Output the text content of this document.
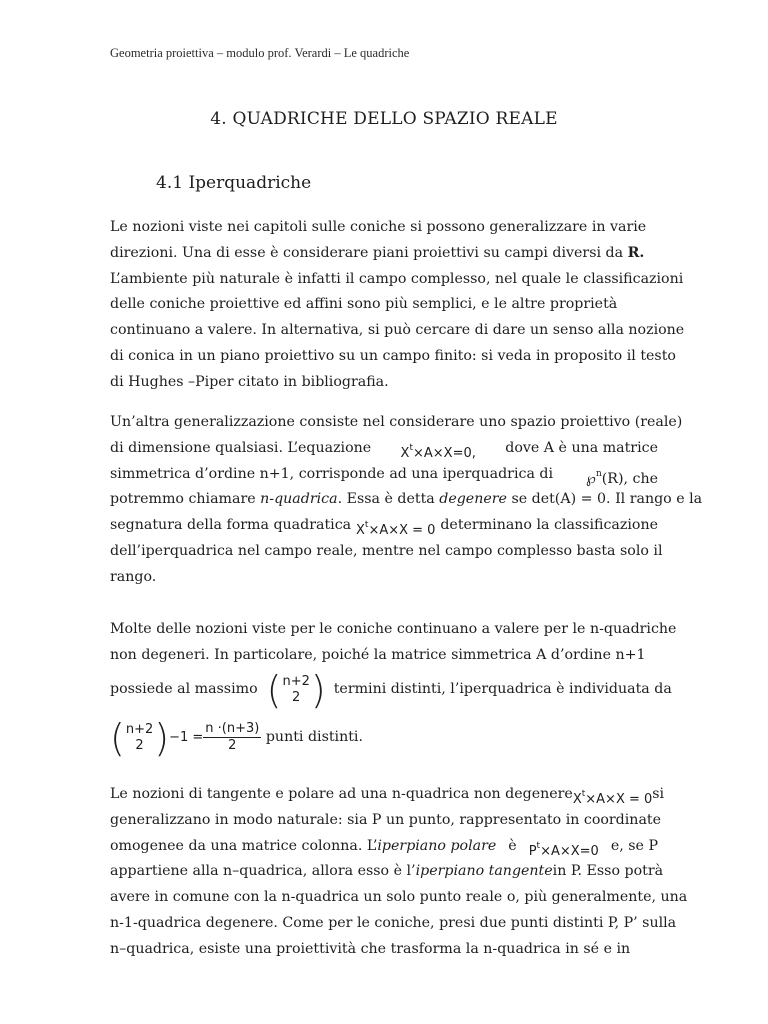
Geometria proiettiva – modulo prof. Verardi – Le quadriche
4. QUADRICHE DELLO SPAZIO REALE
4.1 Iperquadriche
Le nozioni viste nei capitoli sulle coniche si possono generalizzare in varie
direzioni. Una di esse è considerare piani proiettivi su campi diversi da R.
L’ambiente più naturale è infatti il campo complesso, nel quale le classificazioni
delle coniche proiettive ed affini sono più semplici, e le altre proprietà
continuano a valere. In alternativa, si può cercare di dare un senso alla nozione
di conica in un piano proiettivo su un campo finito: si veda in proposito il testo
di Hughes –Piper citato in bibliografia.
Un’altra generalizzazione consiste nel considerare uno spazio proiettivo (reale)
di dimensione qualsiasi. L’equazione $X^t\times A\times X=0$, dove A è una matrice
simmetrica d’ordine n+1, corrisponde ad una iperquadrica di ℘$^n$(R), che
potremmo chiamare n-quadrica. Essa è detta degenere se det(A) = 0. Il rango e la
segnatura della forma quadratica $X^t\times A\times X = 0$ determinano la classificazione
dell’iperquadrica nel campo reale, mentre nel campo complesso basta solo il
rango.
Molte delle nozioni viste per le coniche continuano a valere per le n-quadriche
non degeneri. In particolare, poiché la matrice simmetrica A d’ordine n+1
possiede al massimo
( n+2
2 ) termini distinti, l’iperquadrica è individuata da
( n+2
2 ) $-1 = \frac{n \cdot(n+3)}{2}$
punti distinti.
Le nozioni di tangente e polare ad una n-quadrica non degenere $X^t\times A\times X = 0$ si
generalizzano in modo naturale: sia P un punto, rappresentato in coordinate
omogenee da una matrice colonna. L’iperpiano polare è $P^t\times A\times X=0$ e, se P
appartiene alla n–quadrica, allora esso è l’iperpiano tangente in P. Esso potrà
avere in comune con la n-quadrica un solo punto reale o, più generalmente, una
n-1-quadrica degenere. Come per le coniche, presi due punti distinti P, P’ sulla
n–quadrica, esiste una proiettività che trasforma la n-quadrica in sé e in
